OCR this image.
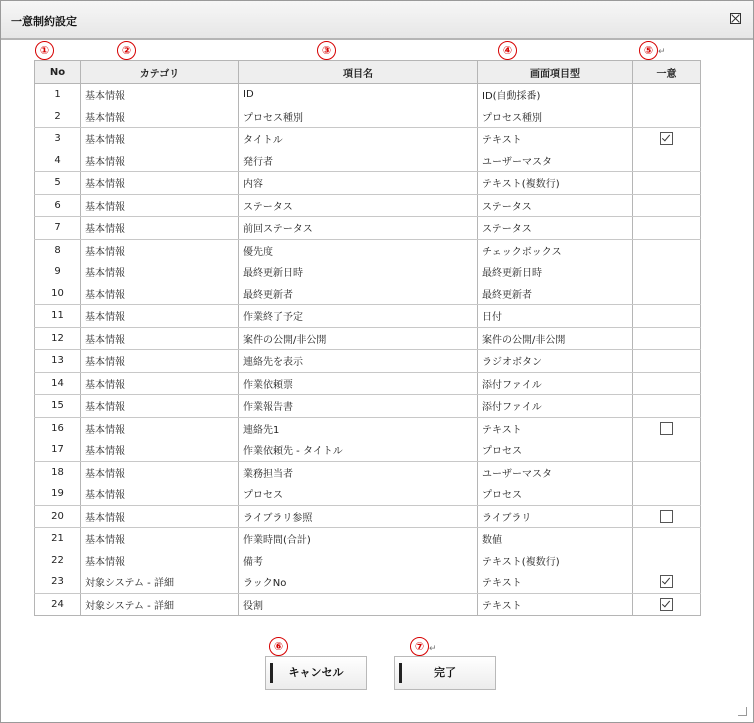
一意制約設定
①	②	③	④	⑤ ↵
No	カテゴリ	項目名	画面項目型	一意
1	基本情報	ID	ID(自動採番)	
2	基本情報	プロセス種別	プロセス種別	
3	基本情報	タイトル	テキスト	
4	基本情報	発行者	ユーザーマスタ	
5	基本情報	内容	テキスト(複数行)	
6	基本情報	ステータス	ステータス	
7	基本情報	前回ステータス	ステータス	
8	基本情報	優先度	チェックボックス	
9	基本情報	最終更新日時	最終更新日時	
10	基本情報	最終更新者	最終更新者	
11	基本情報	作業終了予定	日付	
12	基本情報	案件の公開/非公開	案件の公開/非公開	
13	基本情報	連絡先を表示	ラジオボタン	
14	基本情報	作業依頼票	添付ファイル	
15	基本情報	作業報告書	添付ファイル	
16	基本情報	連絡先1	テキスト	
17	基本情報	作業依頼先 - タイトル	プロセス	
18	基本情報	業務担当者	ユーザーマスタ	
19	基本情報	プロセス	プロセス	
20	基本情報	ライブラリ参照	ライブラリ	
21	基本情報	作業時間(合計)	数値	
22	基本情報	備考	テキスト(複数行)	
23	対象システム - 詳細	ラックNo	テキスト	
24	対象システム - 詳細	役割	テキスト	
⑥	⑦ ↵
キャンセル	完了
